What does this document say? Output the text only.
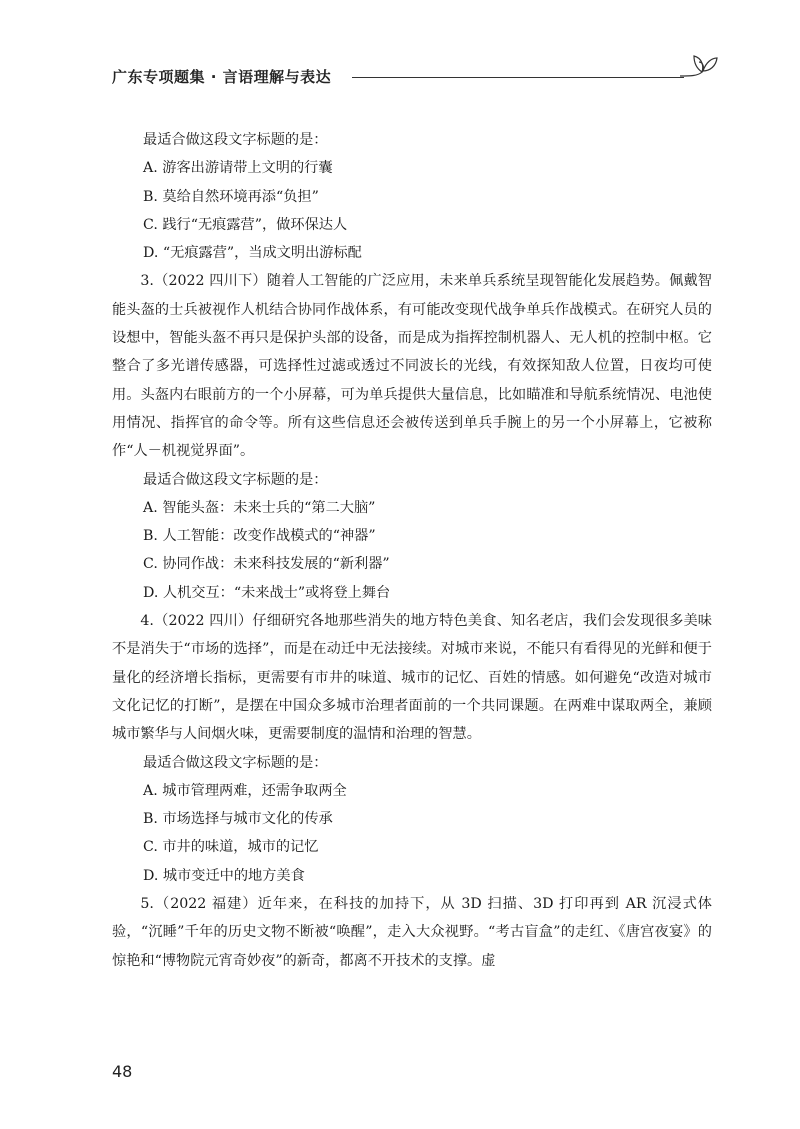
广东专项题集 · 言语理解与表达

最适合做这段文字标题的是：

A. 游客出游请带上文明的行囊

B. 莫给自然环境再添“负担”

C. 践行“无痕露营”，做环保达人

D. “无痕露营”，当成文明出游标配

3.（2022 四川下）随着人工智能的广泛应用，未来单兵系统呈现智能化发展趋势。佩戴智能头盔的士兵被视作人机结合协同作战体系，有可能改变现代战争单兵作战模式。在研究人员的设想中，智能头盔不再只是保护头部的设备，而是成为指挥控制机器人、无人机的控制中枢。它整合了多光谱传感器，可选择性过滤或透过不同波长的光线，有效探知敌人位置，日夜均可使用。头盔内右眼前方的一个小屏幕，可为单兵提供大量信息，比如瞄准和导航系统情况、电池使用情况、指挥官的命令等。所有这些信息还会被传送到单兵手腕上的另一个小屏幕上，它被称作“人－机视觉界面”。

最适合做这段文字标题的是：

A. 智能头盔：未来士兵的“第二大脑”

B. 人工智能：改变作战模式的“神器”

C. 协同作战：未来科技发展的“新利器”

D. 人机交互：“未来战士”或将登上舞台

4.（2022 四川）仔细研究各地那些消失的地方特色美食、知名老店，我们会发现很多美味不是消失于“市场的选择”，而是在动迁中无法接续。对城市来说，不能只有看得见的光鲜和便于量化的经济增长指标，更需要有市井的味道、城市的记忆、百姓的情感。如何避免“改造对城市文化记忆的打断”，是摆在中国众多城市治理者面前的一个共同课题。在两难中谋取两全，兼顾城市繁华与人间烟火味，更需要制度的温情和治理的智慧。

最适合做这段文字标题的是：

A. 城市管理两难，还需争取两全

B. 市场选择与城市文化的传承

C. 市井的味道，城市的记忆

D. 城市变迁中的地方美食

5.（2022 福建）近年来，在科技的加持下，从 3D 扫描、3D 打印再到 AR 沉浸式体验，“沉睡”千年的历史文物不断被“唤醒”，走入大众视野。“考古盲盒”的走红、《唐宫夜宴》的惊艳和“博物院元宵奇妙夜”的新奇，都离不开技术的支撑。虚

48
